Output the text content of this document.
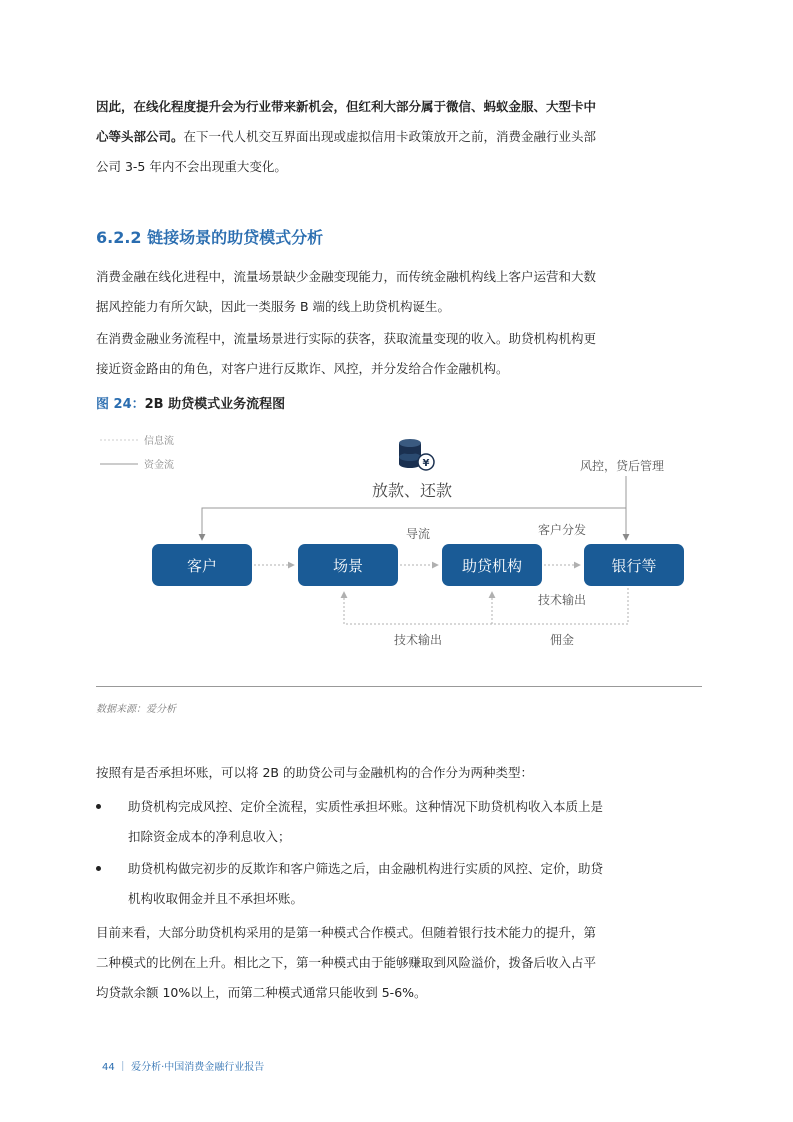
因此，在线化程度提升会为行业带来新机会，但红利大部分属于微信、蚂蚁金服、大型卡中心等头部公司。在下一代人机交互界面出现或虚拟信用卡政策放开之前，消费金融行业头部公司 3-5 年内不会出现重大变化。

6.2.2 链接场景的助贷模式分析

消费金融在线化进程中，流量场景缺少金融变现能力，而传统金融机构线上客户运营和大数据风控能力有所欠缺，因此一类服务 B 端的线上助贷机构诞生。

在消费金融业务流程中，流量场景进行实际的获客，获取流量变现的收入。助贷机构机构更接近资金路由的角色，对客户进行反欺诈、风控，并分发给合作金融机构。

图 24：2B 助贷模式业务流程图

信息流
资金流	¥
放款、还款
风控，贷后管理
客户	场景	助贷机构	银行等
导流	客户分发
技术输出
技术输出	佣金
数据来源：爱分析

按照有是否承担坏账，可以将 2B 的助贷公司与金融机构的合作分为两种类型：

助贷机构完成风控、定价全流程，实质性承担坏账。这种情况下助贷机构收入本质上是扣除资金成本的净利息收入；
助贷机构做完初步的反欺诈和客户筛选之后，由金融机构进行实质的风控、定价，助贷机构收取佣金并且不承担坏账。

目前来看，大部分助贷机构采用的是第一种模式合作模式。但随着银行技术能力的提升，第二种模式的比例在上升。相比之下，第一种模式由于能够赚取到风险溢价，拨备后收入占平均贷款余额 10%以上，而第二种模式通常只能收到 5-6%。

44 ｜ 爱分析·中国消费金融行业报告
